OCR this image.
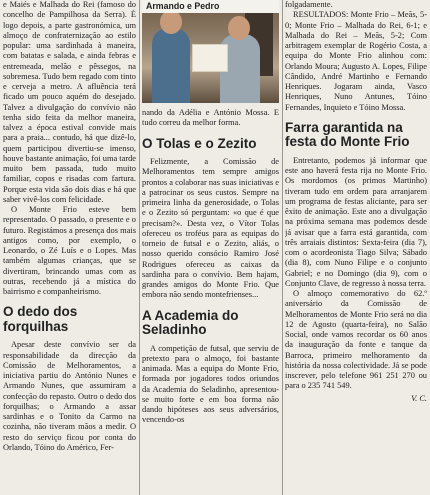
e Maiés e Malhada do Rei (famoso do concelho de Pampilhosa da Serra). É logo depois, a parte gastronómica, um almoço de confraternização ao estilo popular: uma sardinhada à maneira, com batatas e salada, e ainda febras e entremeada, melão e pêssegos, na sobremesa. Tudo bem regado com tinto e cerveja a metro. A afluência terá ficado um pouco aquém do desejado. Talvez a divulgação do convívio não tenha sido feita da melhor maneira, talvez a época estival convide mais para a praia... contudo, há que dizê-lo, quem participou divertiu-se imenso, houve bastante animação, foi uma tarde muito bem passada, tudo muito familiar, copos e risadas com fartura. Porque esta vida são dois dias e há que saber vivê-los com felicidade.

O Monte Frio esteve bem representado. O passado, o presente e o futuro. Registámos a presença dos mais antigos como, por exemplo, o Leonardo, o Zé Luís e o Lopes. Mas também algumas crianças, que se divertiram, brincando umas com as outras, recebendo já a mística do bairrismo e companheirismo.

O dedo dos forquilhas

Apesar deste convívio ser da responsabilidade da direcção da Comissão de Melhoramentos, a iniciativa partiu do António Nunes e Armando Nunes, que assumiram a confecção do repasto. Outro o dedo dos forquilhas; o Armando a assar sardinhas e o Tonito da Carmo na cozinha, não tiveram mãos a medir. O resto do serviço ficou por conta do Orlando, Tóino do Américo, Fer-

Armando e Pedro

nando da Adélia e António Mossa. E tudo correu da melhor forma.

O Tolas e o Zezito

Felizmente, a Comissão de Melhoramentos tem sempre amigos prontos a colaborar nas suas iniciativas e a patrocinar os seus custos. Sempre na primeira linha da generosidade, o Tolas e o Zezito só perguntam: «o que é que precisam?». Desta vez, o Vítor Tolas ofereceu os troféus para as equipas do torneio de futsal e o Zezito, aliás, o nosso querido consócio Ramiro José Rodrigues ofereceu as caixas da sardinha para o convívio. Bem hajam, grandes amigos do Monte Frio. Que embora não sendo montefrienses...

A Academia do Seladinho

A competição de futsal, que serviu de pretexto para o almoço, foi bastante animada. Mas a equipa do Monte Frio, formada por jogadores todos oriundos da Academia do Seladinho, apresentou-se muito forte e em boa forma não dando hipóteses aos seus adversários, vencendo-os

folgadamente.

RESULTADOS: Monte Frio – Meãs, 5-0; Monte Frio – Malhada do Rei, 6-1; e Malhada do Rei – Meãs, 5-2; Com arbitragem exemplar de Rogério Costa, a equipa do Monte Frio alinhou com: Orlando Moura; Augusto A. Lopes, Filipe Cândido, André Martinho e Fernando Henriques. Jogaram ainda, Vasco Henriques, Nuno Antunes, Tóino Fernandes, Inquieto e Tóino Mossa.

Farra garantida na festa do Monte Frio

Entretanto, podemos já informar que este ano haverá festa rija no Monte Frio. Os mordomos (os primos Martinho) tiveram tudo em ordem para arranjarem um programa de festas aliciante, para ser êxito de animação. Este ano a divulgação na próxima semana mas podemos desde já avisar que a farra está garantida, com três arraiais distintos: Sexta-feira (dia 7), com o acordeonista Tiago Silva; Sábado (dia 8), com Nuno Filipe e o conjunto Gabriel; e no Domingo (dia 9), com o Conjunto Clave, de regresso à nossa terra.

O almoço comemorativo do 62.º aniversário da Comissão de Melhoramentos de Monte Frio será no dia 12 de Agosto (quarta-feira), no Salão Social, onde vamos recordar os 60 anos da inauguração da fonte e tanque da Barroca, primeiro melhoramento da história da nossa colectividade. Já se pode inscrever, pelo telefone 961 251 270 ou para o 235 741 549.

V. C.
